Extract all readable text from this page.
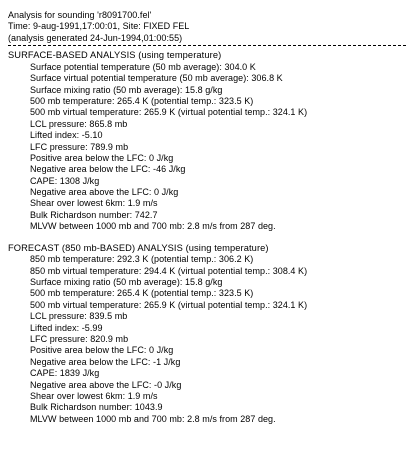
Analysis for sounding 'r8091700.fel'
Time: 9-aug-1991,17:00:01, Site: FIXED FEL
(analysis generated 24-Jun-1994,01:00:55)
SURFACE-BASED ANALYSIS (using temperature)
Surface potential temperature (50 mb average): 304.0 K
Surface virtual potential temperature (50 mb average): 306.8 K
Surface mixing ratio (50 mb average): 15.8 g/kg
500 mb temperature: 265.4 K (potential temp.: 323.5 K)
500 mb virtual temperature: 265.9 K (virtual potential temp.: 324.1 K)
LCL pressure: 865.8 mb
Lifted index: -5.10
LFC pressure: 789.9 mb
Positive area below the LFC: 0 J/kg
Negative area below the LFC: -46 J/kg
CAPE: 1308 J/kg
Negative area above the LFC: 0 J/kg
Shear over lowest 6km: 1.9 m/s
Bulk Richardson number: 742.7
MLVW between 1000 mb and 700 mb: 2.8 m/s from 287 deg.
FORECAST (850 mb-BASED) ANALYSIS (using temperature)
850 mb temperature: 292.3 K (potential temp.: 306.2 K)
850 mb virtual temperature: 294.4 K (virtual potential temp.: 308.4 K)
Surface mixing ratio (50 mb average): 15.8 g/kg
500 mb temperature: 265.4 K (potential temp.: 323.5 K)
500 mb virtual temperature: 265.9 K (virtual potential temp.: 324.1 K)
LCL pressure: 839.5 mb
Lifted index: -5.99
LFC pressure: 820.9 mb
Positive area below the LFC: 0 J/kg
Negative area below the LFC: -1 J/kg
CAPE: 1839 J/kg
Negative area above the LFC: -0 J/kg
Shear over lowest 6km: 1.9 m/s
Bulk Richardson number: 1043.9
MLVW between 1000 mb and 700 mb: 2.8 m/s from 287 deg.
